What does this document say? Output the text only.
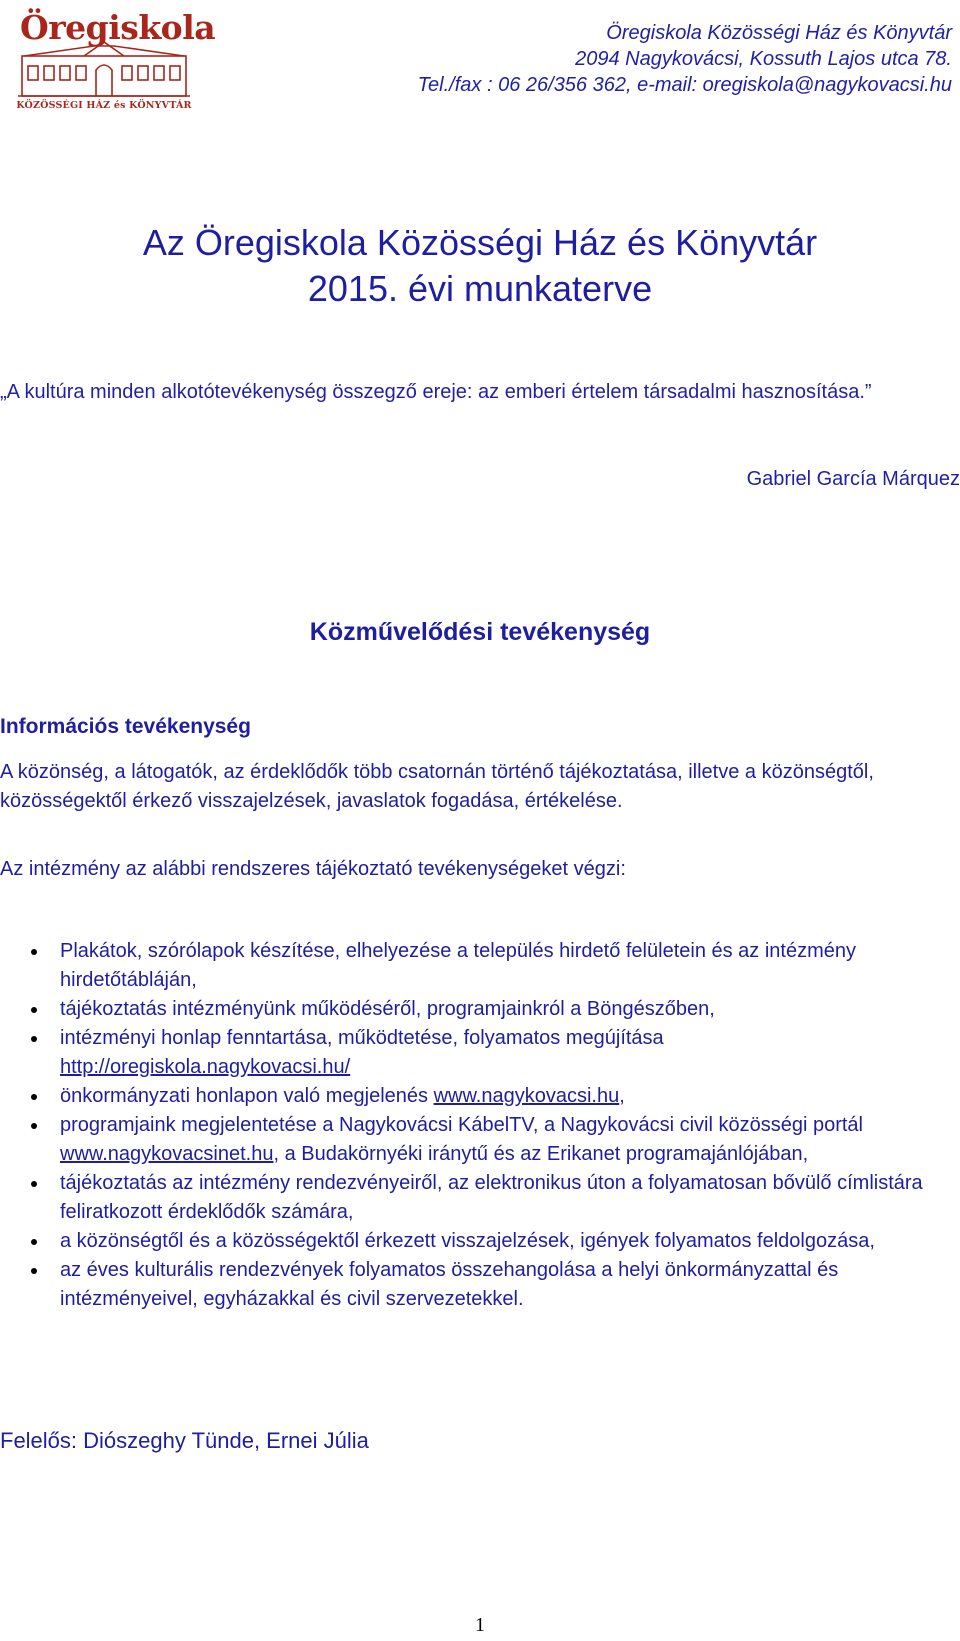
Öregiskola
KÖZÖSSÉGI HÁZ és KÖNYVTÁR
Öregiskola Közösségi Ház és Könyvtár
2094 Nagykovácsi, Kossuth Lajos utca 78.
Tel./fax : 06 26/356 362, e-mail: oregiskola@nagykovacsi.hu
Az Öregiskola Közösségi Ház és Könyvtár
2015. évi munkaterve
„A kultúra minden alkotótevékenység összegző ereje: az emberi értelem társadalmi hasznosítása.”
Gabriel García Márquez
Közművelődési tevékenység
Információs tevékenység
A közönség, a látogatók, az érdeklődők több csatornán történő tájékoztatása, illetve a közönségtől, közösségektől érkező visszajelzések, javaslatok fogadása, értékelése.
Az intézmény az alábbi rendszeres tájékoztató tevékenységeket végzi:
Plakátok, szórólapok készítése, elhelyezése a település hirdető felületein és az intézmény hirdetőtábláján,
tájékoztatás intézményünk működéséről, programjainkról a Böngészőben,
intézményi honlap fenntartása, működtetése, folyamatos megújítása
http://oregiskola.nagykovacsi.hu/
önkormányzati honlapon való megjelenés www.nagykovacsi.hu,
programjaink megjelentetése a Nagykovácsi KábelTV, a Nagykovácsi civil közösségi portál www.nagykovacsinet.hu, a Budakörnyéki iránytű és az Erikanet programajánlójában,
tájékoztatás az intézmény rendezvényeiről, az elektronikus úton a folyamatosan bővülő címlistára feliratkozott érdeklődők számára,
a közönségtől és a közösségektől érkezett visszajelzések, igények folyamatos feldolgozása,
az éves kulturális rendezvények folyamatos összehangolása a helyi önkormányzattal és intézményeivel, egyházakkal és civil szervezetekkel.
Felelős: Diószeghy Tünde, Ernei Júlia
1
